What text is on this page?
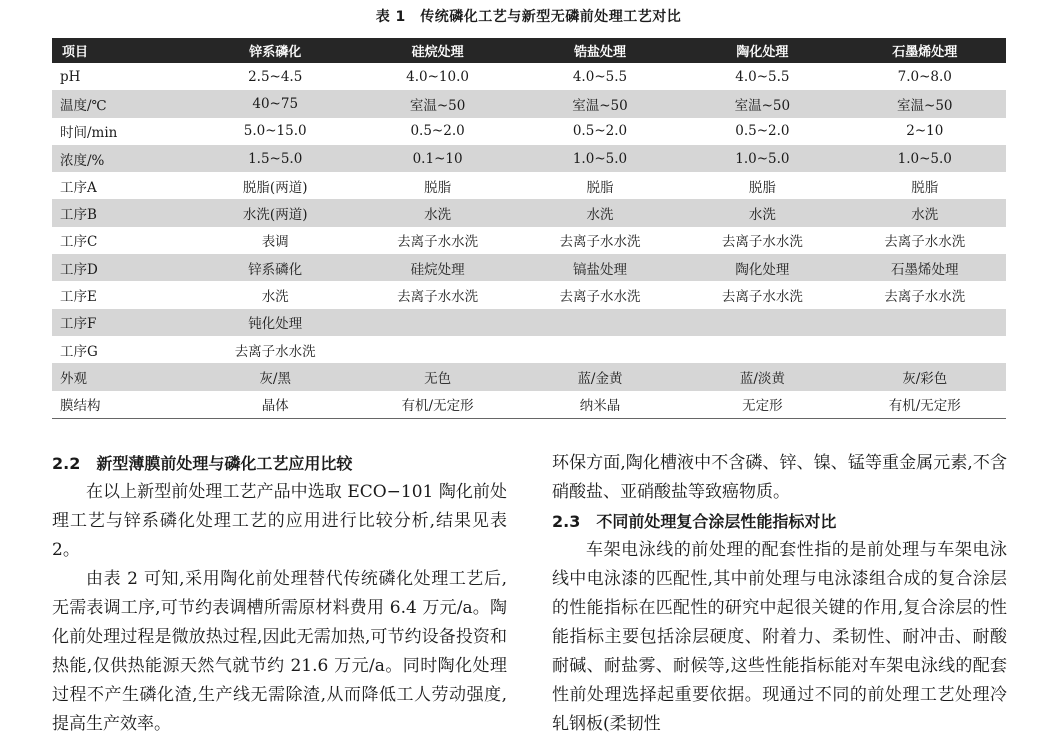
表 1　传统磷化工艺与新型无磷前处理工艺对比
项目	锌系磷化	硅烷处理	锆盐处理	陶化处理	石墨烯处理
pH	2.5~4.5	4.0~10.0	4.0~5.5	4.0~5.5	7.0~8.0
温度/℃	40~75	室温~50	室温~50	室温~50	室温~50
时间/min	5.0~15.0	0.5~2.0	0.5~2.0	0.5~2.0	2~10
浓度/%	1.5~5.0	0.1~10	1.0~5.0	1.0~5.0	1.0~5.0
工序A	脱脂(两道)	脱脂	脱脂	脱脂	脱脂
工序B	水洗(两道)	水洗	水洗	水洗	水洗
工序C	表调	去离子水水洗	去离子水水洗	去离子水水洗	去离子水水洗
工序D	锌系磷化	硅烷处理	镐盐处理	陶化处理	石墨烯处理
工序E	水洗	去离子水水洗	去离子水水洗	去离子水水洗	去离子水水洗
工序F	钝化处理				
工序G	去离子水水洗				
外观	灰/黑	无色	蓝/金黄	蓝/淡黄	灰/彩色
膜结构	晶体	有机/无定形	纳米晶	无定形	有机/无定形
2.2　新型薄膜前处理与磷化工艺应用比较

在以上新型前处理工艺产品中选取 ECO−101 陶化前处理工艺与锌系磷化处理工艺的应用进行比较分析,结果见表 2。

由表 2 可知,采用陶化前处理替代传统磷化处理工艺后,无需表调工序,可节约表调槽所需原材料费用 6.4 万元/a。陶化前处理过程是微放热过程,因此无需加热,可节约设备投资和热能,仅供热能源天然气就节约 21.6 万元/a。同时陶化处理过程不产生磷化渣,生产线无需除渣,从而降低工人劳动强度,提高生产效率。

环保方面,陶化槽液中不含磷、锌、镍、锰等重金属元素,不含硝酸盐、亚硝酸盐等致癌物质。

2.3　不同前处理复合涂层性能指标对比

车架电泳线的前处理的配套性指的是前处理与车架电泳线中电泳漆的匹配性,其中前处理与电泳漆组合成的复合涂层的性能指标在匹配性的研究中起很关键的作用,复合涂层的性能指标主要包括涂层硬度、附着力、柔韧性、耐冲击、耐酸耐碱、耐盐雾、耐候等,这些性能指标能对车架电泳线的配套性前处理选择起重要依据。现通过不同的前处理工艺处理冷轧钢板(柔韧性
